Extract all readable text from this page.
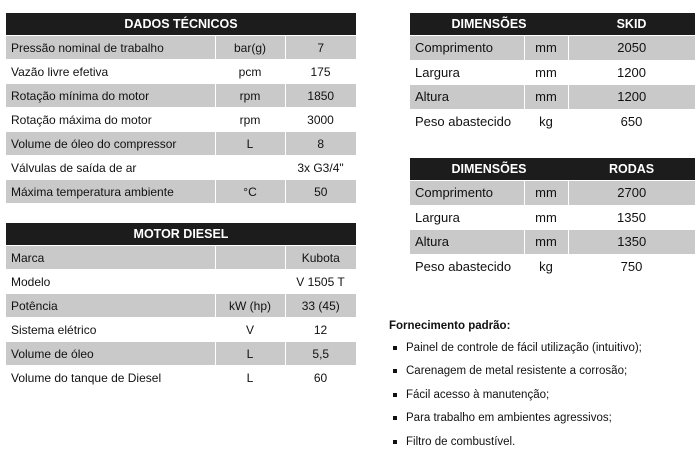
DADOS TÉCNICOS		
Pressão nominal de trabalho	bar(g)	7
Vazão livre efetiva	pcm	175
Rotação mínima do motor	rpm	1850
Rotação máxima do motor	rpm	3000
Volume de óleo do compressor	L	8
Válvulas de saída de ar		3x G3/4"
Máxima temperatura ambiente	°C	50
MOTOR DIESEL		
Marca		Kubota
Modelo		V 1505 T
Potência	kW (hp)	33 (45)
Sistema elétrico	V	12
Volume de óleo	L	5,5
Volume do tanque de Diesel	L	60
DIMENSÕES		SKID
Comprimento	mm	2050
Largura	mm	1200
Altura	mm	1200
Peso abastecido	kg	650
DIMENSÕES		RODAS
Comprimento	mm	2700
Largura	mm	1350
Altura	mm	1350
Peso abastecido	kg	750
Fornecimento padrão:
Painel de controle de fácil utilização (intuitivo);
Carenagem de metal resistente a corrosão;
Fácil acesso à manutenção;
Para trabalho em ambientes agressivos;
Filtro de combustível.
